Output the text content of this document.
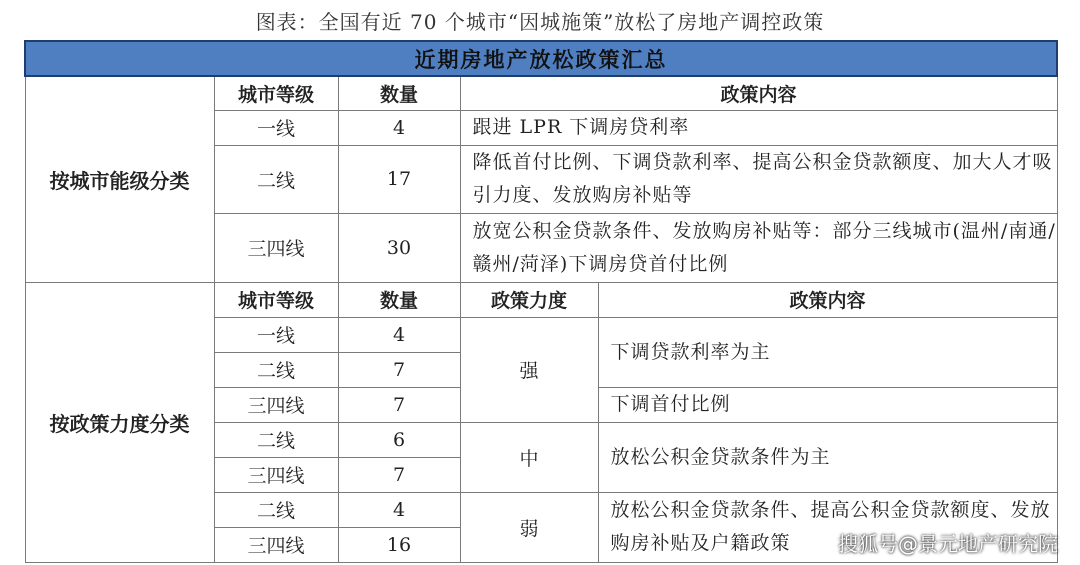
图表：全国有近 70 个城市“因城施策”放松了房地产调控政策
近期房地产放松政策汇总				
按城市能级分类	城市等级	数量	政策内容	
	一线	4	跟进 LPR 下调房贷利率	
	二线	17	降低首付比例、下调贷款利率、提高公积金贷款额度、加大人才吸引力度、发放购房补贴等	
	三四线	30	放宽公积金贷款条件、发放购房补贴等：部分三线城市(温州/南通/赣州/菏泽)下调房贷首付比例	
按政策力度分类	城市等级	数量	政策力度	政策内容
	一线	4	强	下调贷款利率为主
	二线	7		
	三四线	7		下调首付比例
	二线	6	中	放松公积金贷款条件为主
	三四线	7		
	二线	4	弱	放松公积金贷款条件、提高公积金贷款额度、发放购房补贴及户籍政策
	三四线	16			搜狐号@景元地产研究院
